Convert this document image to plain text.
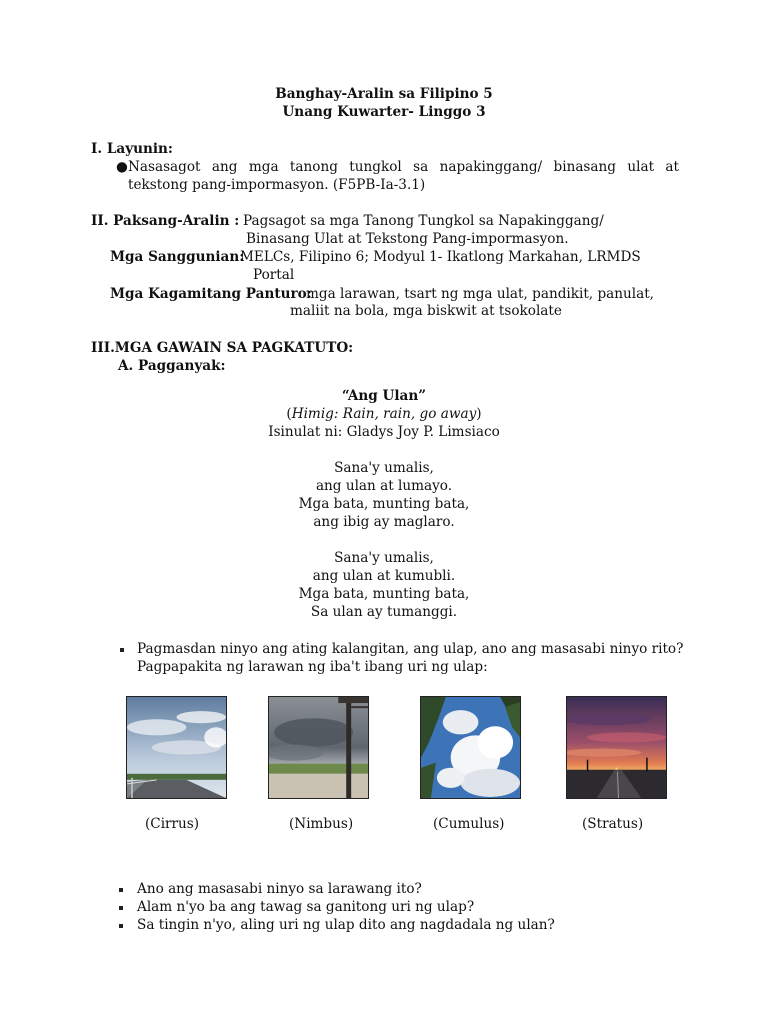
Banghay-Aralin sa Filipino 5
Unang Kuwarter- Linggo 3
I. Layunin:
● Nasasagot ang mga tanong tungkol sa napakinggang/ binasang ulat at
tekstong pang-impormasyon. (F5PB-Ia-3.1)
II. Paksang-Aralin : Pagsagot sa mga Tanong Tungkol sa Napakinggang/
Binasang Ulat at Tekstong Pang-impormasyon.
Mga Sanggunian:
MELCs, Filipino 6; Modyul 1- Ikatlong Markahan, LRMDS
Portal
Mga Kagamitang Panturo:
mga larawan, tsart ng mga ulat, pandikit, panulat,
maliit na bola, mga biskwit at tsokolate
III.MGA GAWAIN SA PAGKATUTO:
A. Pagganyak:
“Ang Ulan”
(Himig: Rain, rain, go away)
Isinulat ni: Gladys Joy P. Limsiaco
Sana'y umalis,
ang ulan at lumayo.
Mga bata, munting bata,
ang ibig ay maglaro.
Sana'y umalis,
ang ulan at kumubli.
Mga bata, munting bata,
Sa ulan ay tumanggi.
Pagmasdan ninyo ang ating kalangitan, ang ulap, ano ang masasabi ninyo rito?
Pagpapakita ng larawan ng iba't ibang uri ng ulap:
(Cirrus)	(Nimbus)	(Cumulus)	(Stratus)
Ano ang masasabi ninyo sa larawang ito?
Alam n'yo ba ang tawag sa ganitong uri ng ulap?
Sa tingin n'yo, aling uri ng ulap dito ang nagdadala ng ulan?
